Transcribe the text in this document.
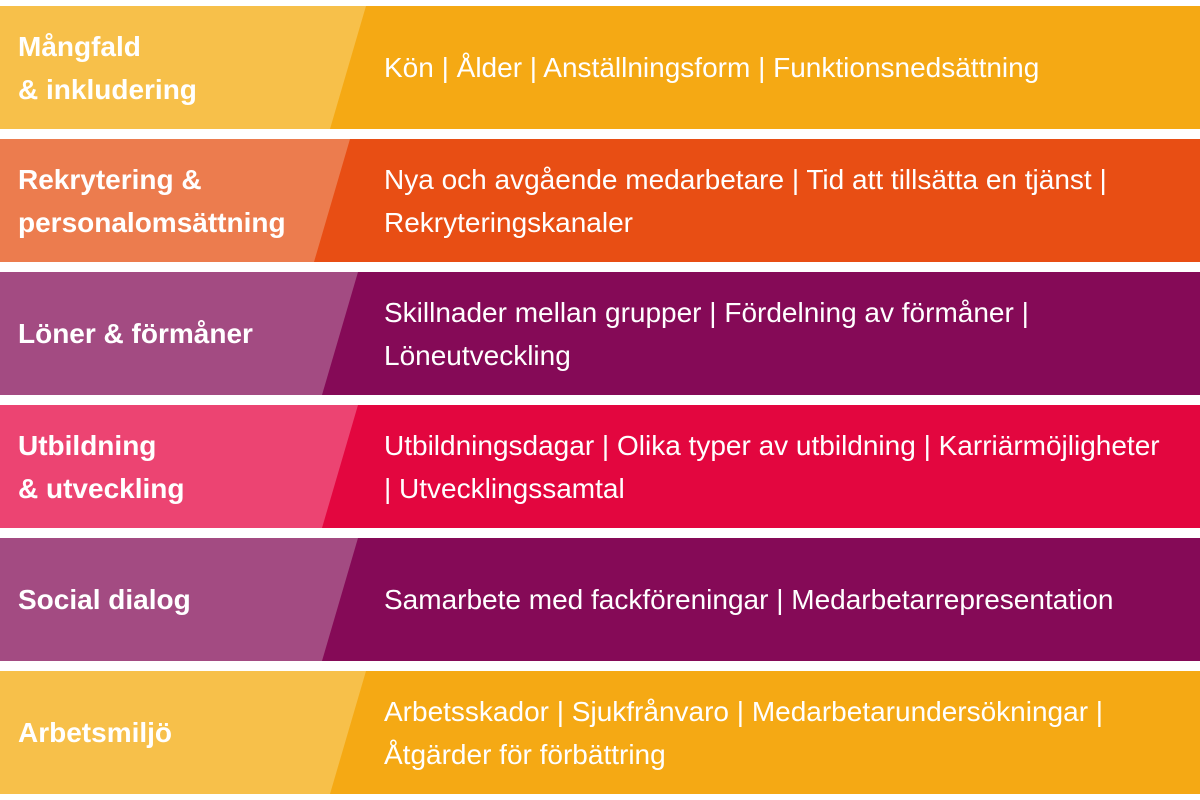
Mångfald
& inkludering
Kön | Ålder | Anställningsform | Funktionsnedsättning
Rekrytering &
personalomsättning
Nya och avgående medarbetare | Tid att tillsätta en tjänst | Rekryteringskanaler
Löner & förmåner
Skillnader mellan grupper | Fördelning av förmåner | Löneutveckling
Utbildning
& utveckling
Utbildningsdagar | Olika typer av utbildning | Karriärmöjligheter | Utvecklingssamtal
Social dialog	Samarbete med fackföreningar | Medarbetarrepresentation
Arbetsmiljö
Arbetsskador | Sjukfrånvaro | Medarbetarundersökningar | Åtgärder för förbättring
